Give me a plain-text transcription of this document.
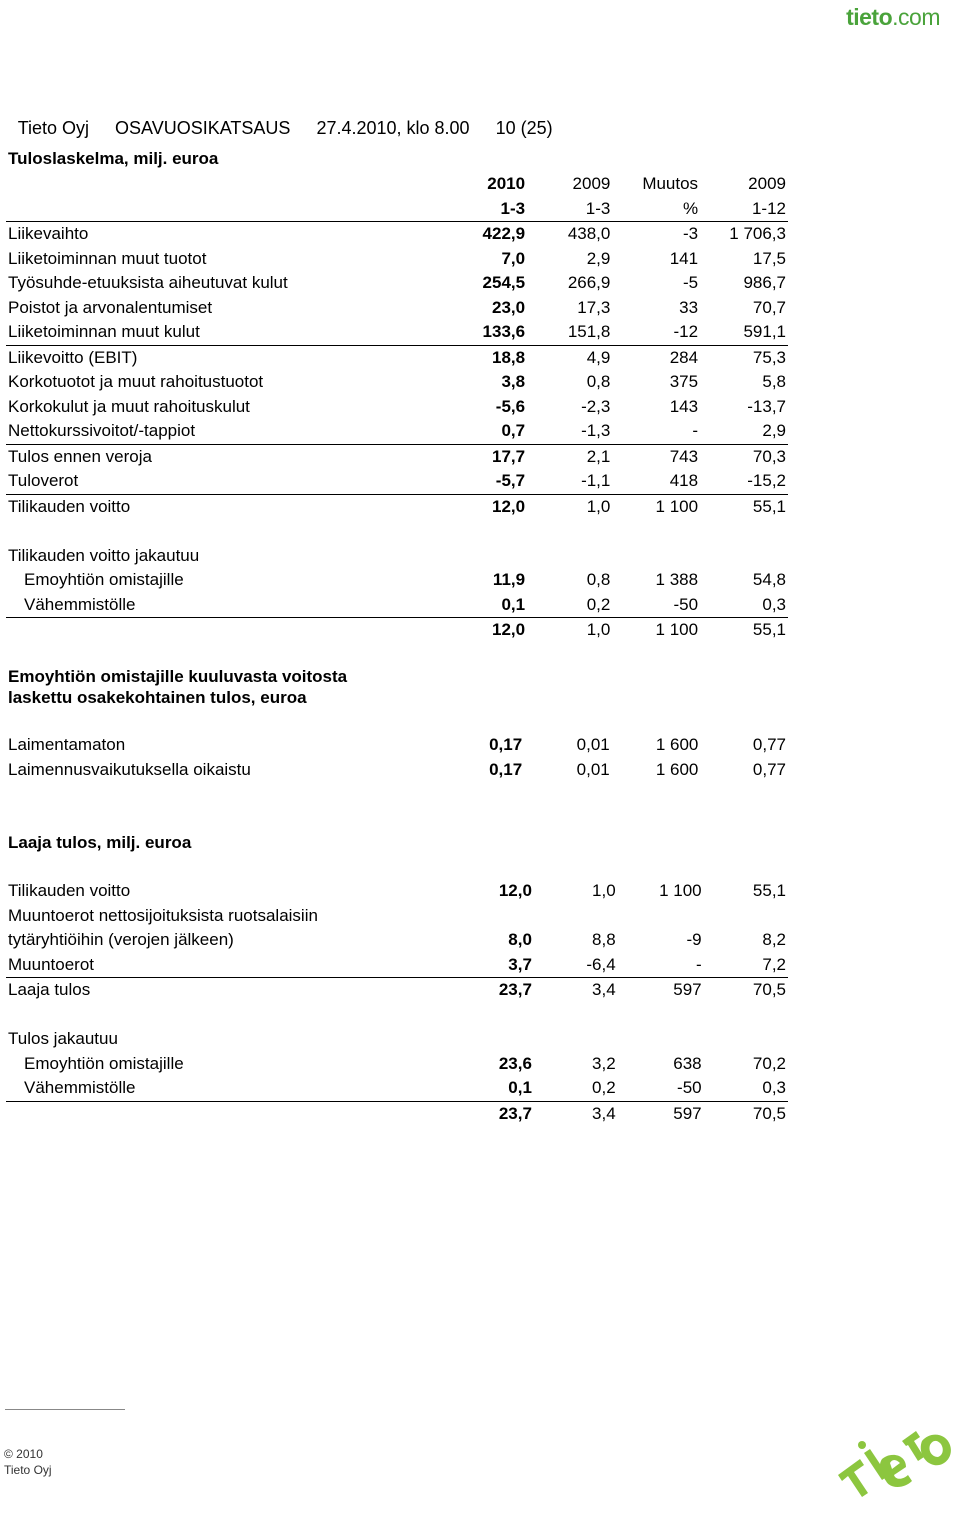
tieto.com

Tieto Oyj OSAVUOSIKATSAUS 27.4.2010, klo 8.00 10 (25)

Tuloslaskelma, milj. euroa
	2010	2009	Muutos	2009
	1-3	1-3	%	1-12
Liikevaihto	422,9	438,0	-3	1 706,3
Liiketoiminnan muut tuotot	7,0	2,9	141	17,5
Työsuhde-etuuksista aiheutuvat kulut	254,5	266,9	-5	986,7
Poistot ja arvonalentumiset	23,0	17,3	33	70,7
Liiketoiminnan muut kulut	133,6	151,8	-12	591,1
Liikevoitto (EBIT)	18,8	4,9	284	75,3
Korkotuotot ja muut rahoitustuotot	3,8	0,8	375	5,8
Korkokulut ja muut rahoituskulut	-5,6	-2,3	143	-13,7
Nettokurssivoitot/-tappiot	0,7	-1,3	-	2,9
Tulos ennen veroja	17,7	2,1	743	70,3
Tuloverot	-5,7	-1,1	418	-15,2
Tilikauden voitto	12,0	1,0	1 100	55,1

Tilikauden voitto jakautuu				
Emoyhtiön omistajille	11,9	0,8	1 388	54,8
Vähemmistölle	0,1	0,2	-50	0,3
	12,0	1,0	1 100	55,1
Emoyhtiön omistajille kuuluvasta voitosta
laskettu osakekohtainen tulos, euroa
Laimentamaton	0,17	0,01	1 600	0,77
Laimennusvaikutuksella oikaistu	0,17	0,01	1 600	0,77
Laaja tulos, milj. euroa
Tilikauden voitto	12,0	1,0	1 100	55,1
Muuntoerot nettosijoituksista ruotsalaisiin				
tytäryhtiöihin (verojen jälkeen)	8,0	8,8	-9	8,2
Muuntoerot	3,7	-6,4	-	7,2
Laaja tulos	23,7	3,4	597	70,5

Tulos jakautuu				
Emoyhtiön omistajille	23,6	3,2	638	70,2
Vähemmistölle	0,1	0,2	-50	0,3
	23,7	3,4	597	70,5
© 2010
Tieto Oyj
